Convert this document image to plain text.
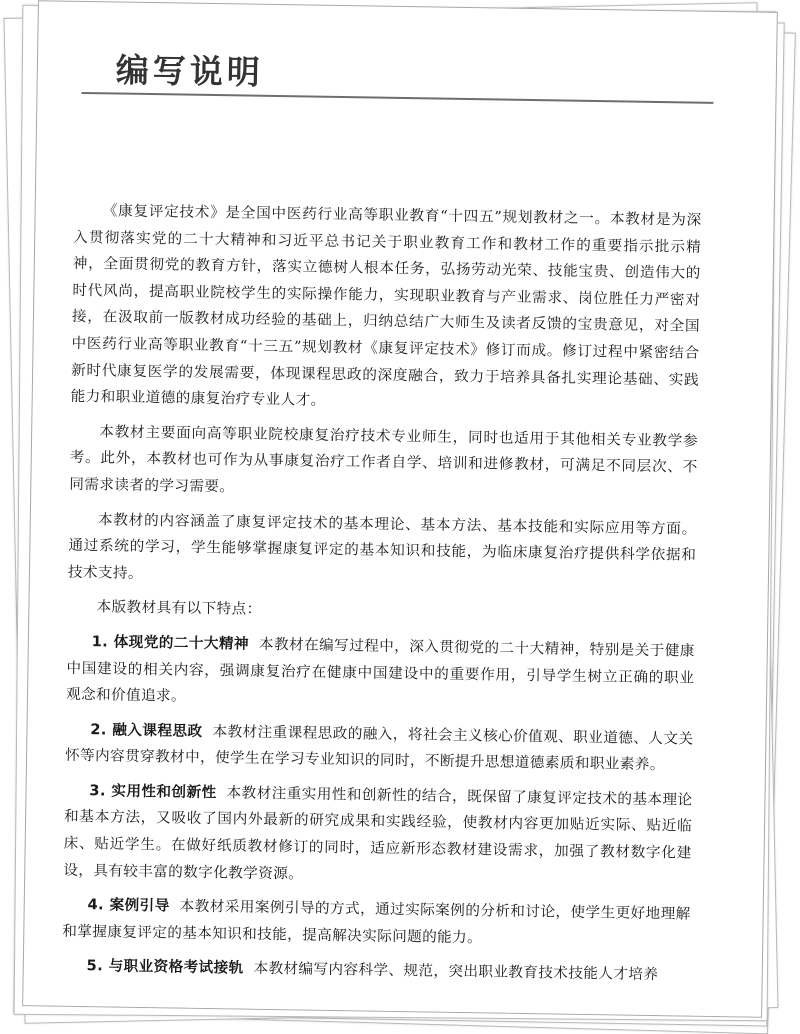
编写说明

《康复评定技术》是全国中医药行业高等职业教育“十四五”规划教材之一。本教材是为深入贯彻落实党的二十大精神和习近平总书记关于职业教育工作和教材工作的重要指示批示精神，全面贯彻党的教育方针，落实立德树人根本任务，弘扬劳动光荣、技能宝贵、创造伟大的时代风尚，提高职业院校学生的实际操作能力，实现职业教育与产业需求、岗位胜任力严密对接，在汲取前一版教材成功经验的基础上，归纳总结广大师生及读者反馈的宝贵意见，对全国中医药行业高等职业教育“十三五”规划教材《康复评定技术》修订而成。修订过程中紧密结合新时代康复医学的发展需要，体现课程思政的深度融合，致力于培养具备扎实理论基础、实践能力和职业道德的康复治疗专业人才。

本教材主要面向高等职业院校康复治疗技术专业师生，同时也适用于其他相关专业教学参考。此外，本教材也可作为从事康复治疗工作者自学、培训和进修教材，可满足不同层次、不同需求读者的学习需要。

本教材的内容涵盖了康复评定技术的基本理论、基本方法、基本技能和实际应用等方面。通过系统的学习，学生能够掌握康复评定的基本知识和技能，为临床康复治疗提供科学依据和技术支持。

本版教材具有以下特点：

1. 体现党的二十大精神 本教材在编写过程中，深入贯彻党的二十大精神，特别是关于健康中国建设的相关内容，强调康复治疗在健康中国建设中的重要作用，引导学生树立正确的职业观念和价值追求。

2. 融入课程思政 本教材注重课程思政的融入，将社会主义核心价值观、职业道德、人文关怀等内容贯穿教材中，使学生在学习专业知识的同时，不断提升思想道德素质和职业素养。

3. 实用性和创新性 本教材注重实用性和创新性的结合，既保留了康复评定技术的基本理论和基本方法，又吸收了国内外最新的研究成果和实践经验，使教材内容更加贴近实际、贴近临床、贴近学生。在做好纸质教材修订的同时，适应新形态教材建设需求，加强了教材数字化建设，具有较丰富的数字化教学资源。

4. 案例引导 本教材采用案例引导的方式，通过实际案例的分析和讨论，使学生更好地理解和掌握康复评定的基本知识和技能，提高解决实际问题的能力。

5. 与职业资格考试接轨 本教材编写内容科学、规范，突出职业教育技术技能人才培养
